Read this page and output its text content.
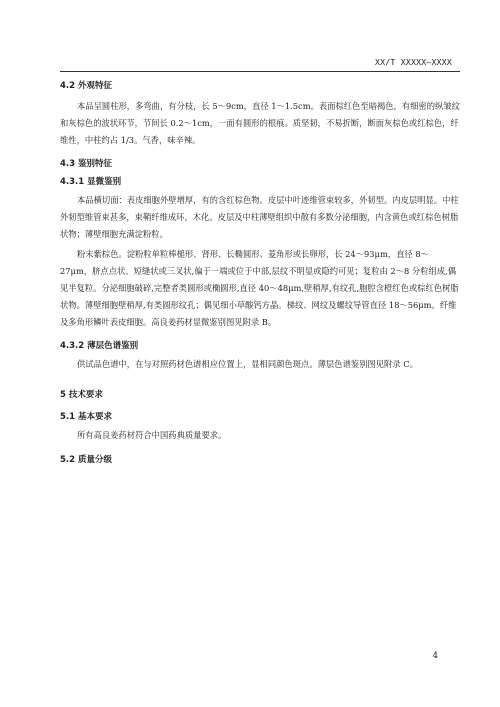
XX/T XXXXX—XXXX
4.2 外观特征

本品呈圆柱形，多弯曲，有分枝，长 5～9cm，直径 1～1.5cm。表面棕红色至暗褐色，有细密的纵皱纹和灰棕色的波状环节，节间长 0.2～1cm，一面有圆形的根痕。质坚韧，不易折断，断面灰棕色或红棕色，纤维性，中柱约占 1/3。气香，味辛辣。

4.3 鉴别特征
4.3.1 显微鉴别

本品横切面：表皮细胞外壁增厚，有的含红棕色物。皮层中叶迹维管束较多，外韧型。内皮层明显。中柱外韧型维管束甚多，束鞘纤维成环，木化。皮层及中柱薄壁组织中散有多数分泌细胞，内含黄色或红棕色树脂状物；薄壁细胞充满淀粉粒。

粉末紫棕色。淀粉粒单粒棒槌形、肾形、长椭圆形、菱角形或长卵形，长 24～93μm，直径 8～27μm，脐点点状、短缝状或三叉状,偏于一端或位于中部,层纹不明显或隐约可见；复粒由 2～8 分粒组成,偶见半复粒。分泌细胞破碎,完整者类圆形或椭圆形,直径 40～48μm,壁稍厚,有纹孔,胞腔含橙红色或棕红色树脂状物。薄壁细胞壁稍厚,有类圆形纹孔；偶见细小草酸钙方晶。梯纹、网纹及螺纹导管直径 18～56μm。纤维及多角形鳞叶表皮细胞。高良姜药材显微鉴别图见附录 B。

4.3.2 薄层色谱鉴别

供试品色谱中，在与对照药材色谱相应位置上，显相同颜色斑点。薄层色谱鉴别图见附录 C。

5 技术要求
5.1 基本要求

所有高良姜药材符合中国药典质量要求。

5.2 质量分级
4
